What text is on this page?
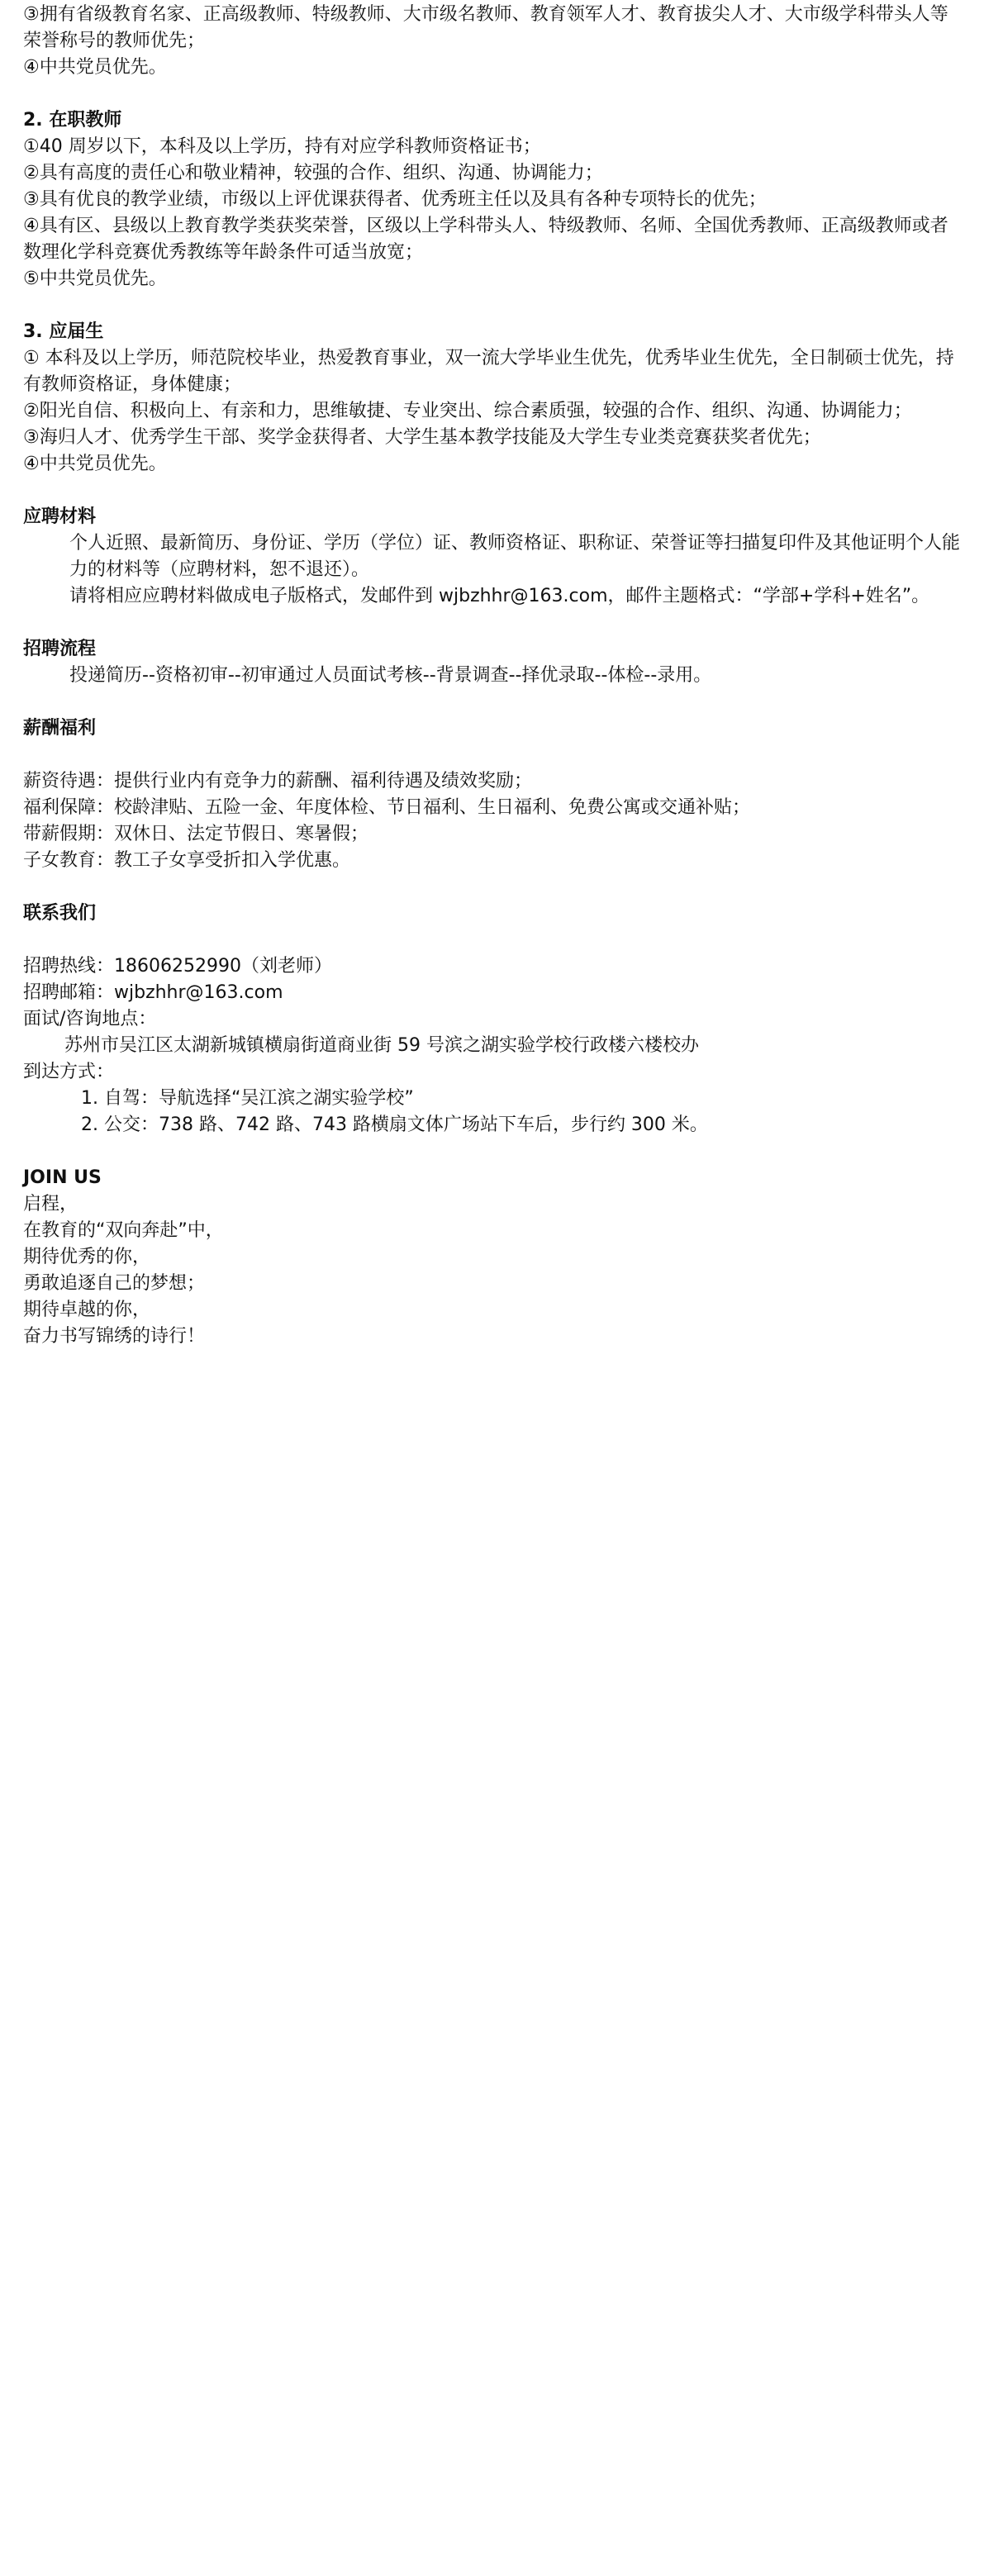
③拥有省级教育名家、正高级教师、特级教师、大市级名教师、教育领军人才、教育拔尖人才、大市级学科带头人等荣誉称号的教师优先；

④中共党员优先。

2. 在职教师

①40 周岁以下，本科及以上学历，持有对应学科教师资格证书；

②具有高度的责任心和敬业精神，较强的合作、组织、沟通、协调能力；

③具有优良的教学业绩，市级以上评优课获得者、优秀班主任以及具有各种专项特长的优先；

④具有区、县级以上教育教学类获奖荣誉，区级以上学科带头人、特级教师、名师、全国优秀教师、正高级教师或者数理化学科竞赛优秀教练等年龄条件可适当放宽；

⑤中共党员优先。

3. 应届生

① 本科及以上学历，师范院校毕业，热爱教育事业，双一流大学毕业生优先，优秀毕业生优先，全日制硕士优先，持有教师资格证，身体健康；

②阳光自信、积极向上、有亲和力，思维敏捷、专业突出、综合素质强，较强的合作、组织、沟通、协调能力；

③海归人才、优秀学生干部、奖学金获得者、大学生基本教学技能及大学生专业类竞赛获奖者优先；

④中共党员优先。

应聘材料

个人近照、最新简历、身份证、学历（学位）证、教师资格证、职称证、荣誉证等扫描复印件及其他证明个人能力的材料等（应聘材料，恕不退还）。

请将相应应聘材料做成电子版格式，发邮件到 wjbzhhr@163.com，邮件主题格式：“学部+学科+姓名”。

招聘流程

投递简历--资格初审--初审通过人员面试考核--背景调查--择优录取--体检--录用。

薪酬福利

薪资待遇：提供行业内有竞争力的薪酬、福利待遇及绩效奖励；

福利保障：校龄津贴、五险一金、年度体检、节日福利、生日福利、免费公寓或交通补贴；

带薪假期：双休日、法定节假日、寒暑假；

子女教育：教工子女享受折扣入学优惠。

联系我们

招聘热线：18606252990（刘老师）

招聘邮箱：wjbzhhr@163.com

面试/咨询地点：

苏州市吴江区太湖新城镇横扇街道商业街 59 号滨之湖实验学校行政楼六楼校办

到达方式：

1. 自驾：导航选择“吴江滨之湖实验学校”

2. 公交：738 路、742 路、743 路横扇文体广场站下车后，步行约 300 米。

JOIN US

启程，

在教育的“双向奔赴”中，

期待优秀的你，

勇敢追逐自己的梦想；

期待卓越的你，

奋力书写锦绣的诗行！
